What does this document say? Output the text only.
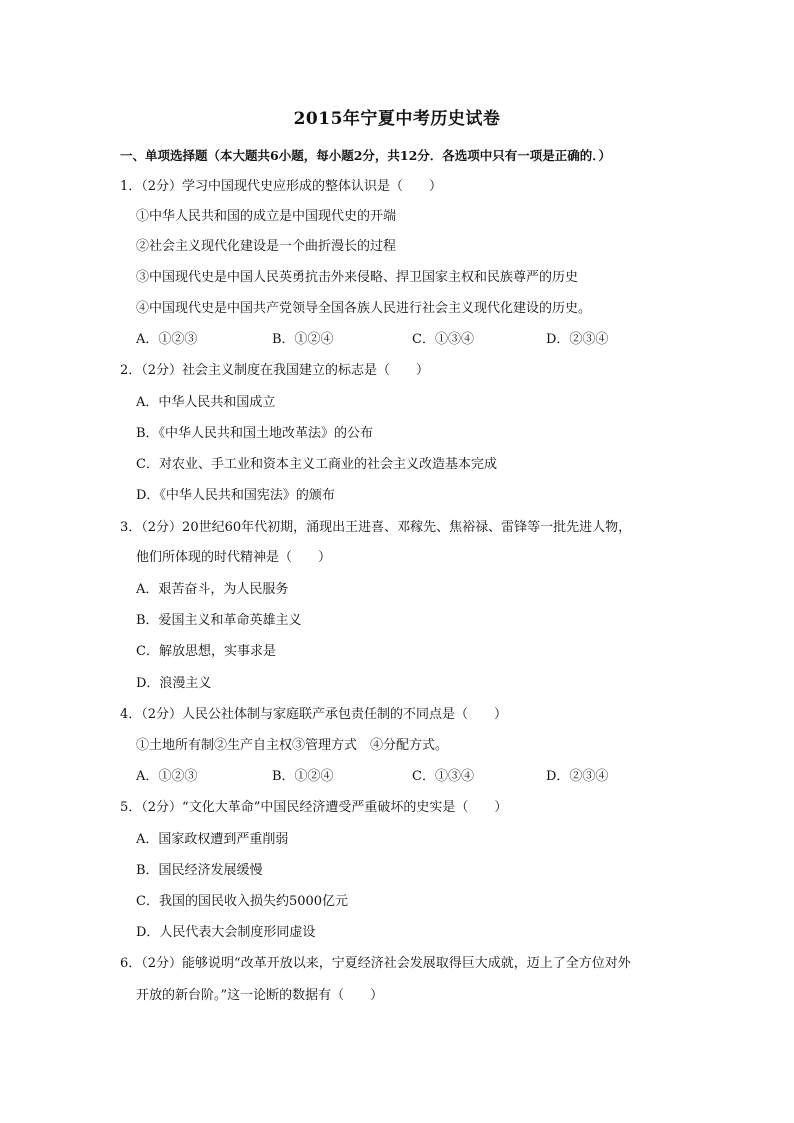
2015年宁夏中考历史试卷
一、单项选择题（本大题共6小题，每小题2分，共12分．各选项中只有一项是正确的．）
1．（2分）学习中国现代史应形成的整体认识是（　　）
①中华人民共和国的成立是中国现代史的开端
②社会主义现代化建设是一个曲折漫长的过程
③中国现代史是中国人民英勇抗击外来侵略、捍卫国家主权和民族尊严的历史
④中国现代史是中国共产党领导全国各族人民进行社会主义现代化建设的历史。
A．①②③	B．①②④	C．①③④	D．②③④
2．（2分）社会主义制度在我国建立的标志是（　　）
A．中华人民共和国成立
B．《中华人民共和国土地改革法》的公布
C．对农业、手工业和资本主义工商业的社会主义改造基本完成
D．《中华人民共和国宪法》的颁布
3．（2分）20世纪60年代初期，涌现出王进喜、邓稼先、焦裕禄、雷锋等一批先进人物，
他们所体现的时代精神是（　　）
A．艰苦奋斗，为人民服务
B．爱国主义和革命英雄主义
C．解放思想，实事求是
D．浪漫主义
4．（2分）人民公社体制与家庭联产承包责任制的不同点是（　　）
①土地所有制②生产自主权③管理方式　④分配方式。
A．①②③	B．①②④	C．①③④	D．②③④
5．（2分）“文化大革命”中国民经济遭受严重破坏的史实是（　　）
A．国家政权遭到严重削弱
B．国民经济发展缓慢
C．我国的国民收入损失约5000亿元
D．人民代表大会制度形同虚设
6．（2分）能够说明“改革开放以来，宁夏经济社会发展取得巨大成就，迈上了全方位对外
开放的新台阶。”这一论断的数据有（　　）
